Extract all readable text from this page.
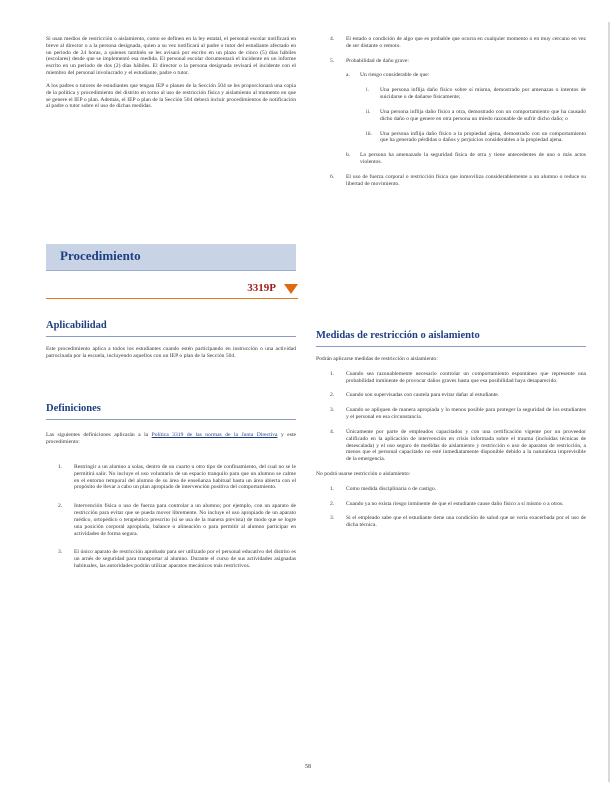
Si usan medios de restricción o aislamiento, como se definen en la ley estatal, el personal escolar notificará en breve al director o a la persona designada, quien a su vez notificará al padre o tutor del estudiante afectado en un periodo de 24 horas, a quienes también se les avisará por escrito en un plazo de cinco (5) días hábiles (escolares) desde que se implementó esa medida. El personal escolar documentará el incidente en un informe escrito en un periodo de dos (2) días hábiles. El director o la persona designada revisará el incidente con el miembro del personal involucrado y el estudiante, padre o tutor.

A los padres o tutores de estudiantes que tengan IEP o planes de la Sección 504 se les proporcionará una copia de la política y procedimiento del distrito en torno al uso de restricción física y aislamiento al momento en que se genere el IEP o plan. Además, el IEP o plan de la Sección 504 deberá incluir procedimientos de notificación al padre o tutor sobre el uso de dichas medidas.

Procedimiento
3319P
Aplicabilidad
Este procedimiento aplica a todos los estudiantes cuando estén participando en instrucción o una actividad patrocinada por la escuela, incluyendo aquellos con un IEP o plan de la Sección 504.
Definiciones
Las siguientes definiciones aplicarán a la Política 3319 de las normas de la Junta Directiva y este procedimiento:
1. Restringir a un alumno a solas, dentro de un cuarto u otro tipo de confinamiento, del cual no se le permitirá salir. No incluye el uso voluntario de un espacio tranquilo para que un alumno se calme en el entorno temporal del alumno de su área de enseñanza habitual hasta un área abierta con el propósito de llevar a cabo un plan apropiado de intervención positiva del comportamiento.
2. Intervención física o uso de fuerza para controlar a un alumno; por ejemplo, con un aparato de restricción para evitar que se pueda mover libremente. No incluye el uso apropiado de un aparato médico, ortopédico o terapéutico prescrito (si se usa de la manera prevista) de modo que se logre una posición corporal apropiada, balance o alineación o para permitir al alumno participar en actividades de forma segura.
3. El único aparato de restricción aprobado para ser utilizado por el personal educativo del distrito es un arnés de seguridad para transportar al alumno. Durante el curso de sus actividades asignadas habituales, las autoridades podrán utilizar aparatos mecánicos más restrictivos.
4. El estado o condición de algo que es probable que ocurra en cualquier momento o en muy cercano en vez de ser distante o remoto.
5. Probabilidad de daño grave:
a. Un riesgo considerable de que:
i. Una persona inflija daño físico sobre sí misma, demostrado por amenazas o intentos de suicidarse o de dañarse físicamente;
ii. Una persona inflija daño físico a otra, demostrado con un comportamiento que ha causado dicho daño o que genere en otra persona un miedo razonable de sufrir dicho daño; o
iii. Una persona inflija daño físico a la propiedad ajena, demostrado con un comportamiento que ha generado pérdidas o daños y perjuicios considerables a la propiedad ajena.
b. La persona ha amenazado la seguridad física de otra y tiene antecedentes de uno o más actos violentos.
6. El uso de fuerza corporal o restricción física que inmoviliza considerablemente a un alumno o reduce su libertad de movimiento.
Medidas de restricción o aislamiento

Podrán aplicarse medidas de restricción o aislamiento:

1. Cuando sea razonablemente necesario controlar un comportamiento espontáneo que represente una probabilidad inminente de provocar daños graves hasta que esa posibilidad haya desaparecido.
2. Cuando son supervisadas con cautela para evitar dañar al estudiante.
3. Cuando se apliquen de manera apropiada y lo menos posible para proteger la seguridad de los estudiantes y el personal en esa circunstancia.
4. Únicamente por parte de empleados capacitados y con una certificación vigente por un proveedor calificado en la aplicación de intervención en crisis informada sobre el trauma (incluidas técnicas de desescalada) y el uso seguro de medidas de aislamiento y restricción o uso de aparatos de restricción, a menos que el personal capacitado no esté inmediatamente disponible debido a la naturaleza imprevisible de la emergencia.

No podrá usarse restricción o aislamiento:

1. Como medida disciplinaria o de castigo.
2. Cuando ya no exista riesgo inminente de que el estudiante cause daño físico a sí mismo o a otros.
3. Si el empleado sabe que el estudiante tiene una condición de salud que se vería exacerbada por el uso de dicha técnica.
58
